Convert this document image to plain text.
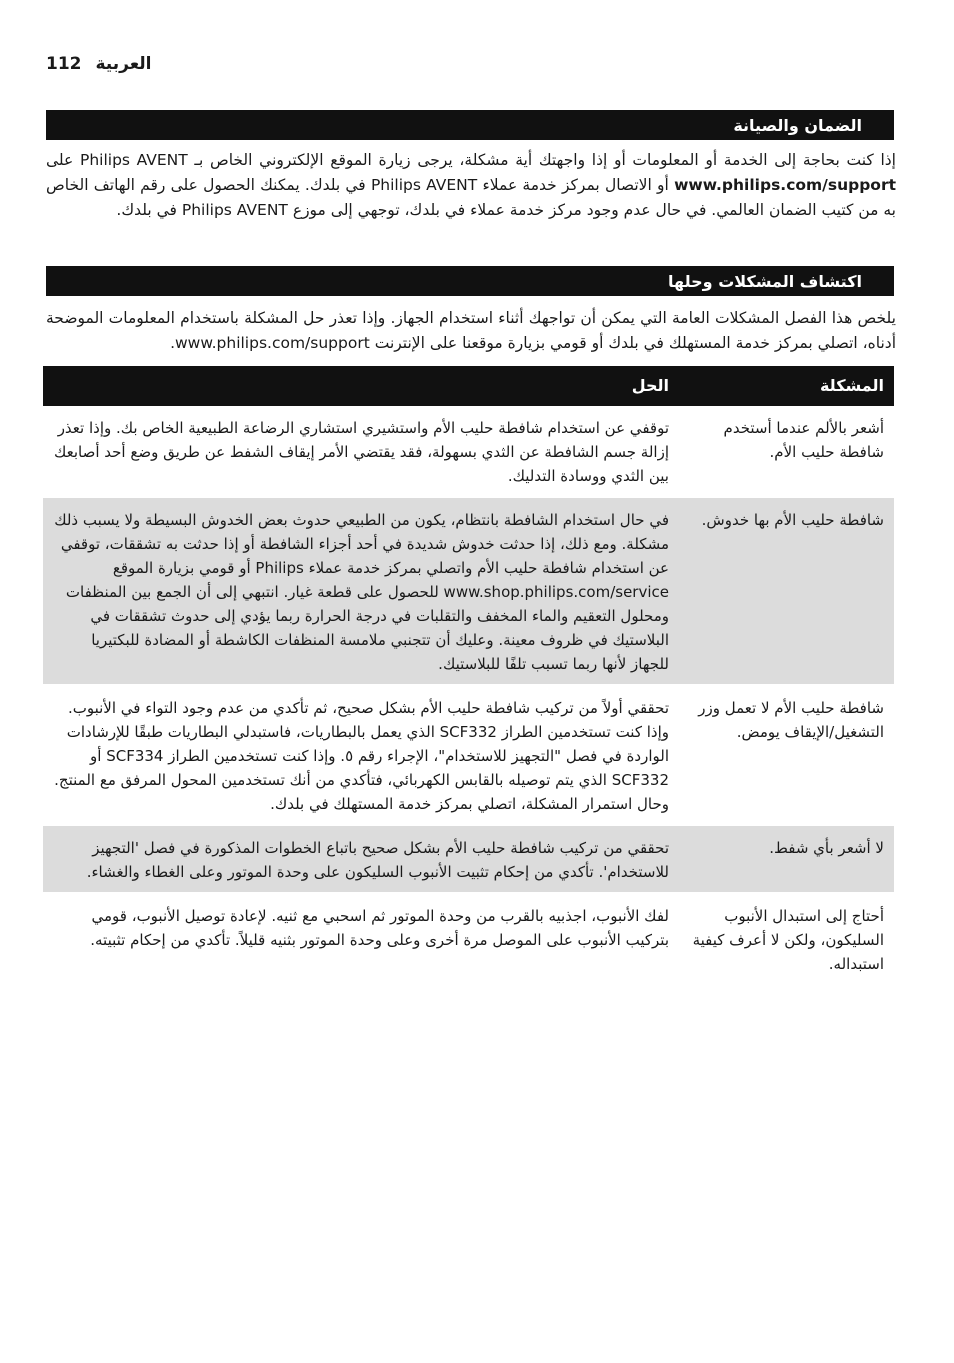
112 العربية
الضمان والصيانة

إذا كنت بحاجة إلى الخدمة أو المعلومات أو إذا واجهتك أية مشكلة، يرجى زيارة الموقع الإلكتروني الخاص بـ Philips AVENT على www.philips.com/support أو الاتصال بمركز خدمة عملاء Philips AVENT في بلدك. يمكنك الحصول على رقم الهاتف الخاص به من كتيب الضمان العالمي. في حال عدم وجود مركز خدمة عملاء في بلدك، توجهي إلى موزع Philips AVENT في بلدك.

اكتشاف المشكلات وحلها

يلخص هذا الفصل المشكلات العامة التي يمكن أن تواجهك أثناء استخدام الجهاز. وإذا تعذر حل المشكلة باستخدام المعلومات الموضحة أدناه، اتصلي بمركز خدمة المستهلك في بلدك أو قومي بزيارة موقعنا على الإنترنت www.philips.com/support.

المشكلة	الحل
أشعر بالألم عندما أستخدم شافطة حليب الأم.	توقفي عن استخدام شافطة حليب الأم واستشيري استشاري الرضاعة الطبيعية الخاص بك. وإذا تعذر إزالة جسم الشافطة عن الثدي بسهولة، فقد يقتضي الأمر إيقاف الشفط عن طريق وضع أحد أصابعك بين الثدي ووسادة التدليك.
شافطة حليب الأم بها خدوش.	في حال استخدام الشافطة بانتظام، يكون من الطبيعي حدوث بعض الخدوش البسيطة ولا يسبب ذلك مشكلة. ومع ذلك، إذا حدثت خدوش شديدة في أحد أجزاء الشافطة أو إذا حدثت به تشققات، توقفي عن استخدام شافطة حليب الأم واتصلي بمركز خدمة عملاء Philips أو قومي بزيارة الموقع www.shop.philips.com/service للحصول على قطعة غيار. انتبهي إلى أن الجمع بين المنظفات ومحلول التعقيم والماء المخفف والتقلبات في درجة الحرارة ربما يؤدي إلى حدوث تشققات في البلاستيك في ظروف معينة. وعليك أن تتجنبي ملامسة المنظفات الكاشطة أو المضادة للبكتيريا للجهاز لأنها ربما تسبب تلفًا للبلاستيك.
شافطة حليب الأم لا تعمل وزر التشغيل/الإيقاف يومض.	تحققي أولاً من تركيب شافطة حليب الأم بشكل صحيح، ثم تأكدي من عدم وجود التواء في الأنبوب. وإذا كنت تستخدمين الطراز SCF332 الذي يعمل بالبطاريات، فاستبدلي البطاريات طبقًا للإرشادات الواردة في فصل "التجهيز للاستخدام"، الإجراء رقم ٥. وإذا كنت تستخدمين الطراز SCF334 أو SCF332 الذي يتم توصيله بالقابس الكهربائي، فتأكدي من أنك تستخدمين المحول المرفق مع المنتج. وحال استمرار المشكلة، اتصلي بمركز خدمة المستهلك في بلدك.
لا أشعر بأي شفط.	تحققي من تركيب شافطة حليب الأم بشكل صحيح باتباع الخطوات المذكورة في فصل 'التجهيز للاستخدام'. تأكدي من إحكام تثبيت الأنبوب السليكون على وحدة الموتور وعلى الغطاء والغشاء.
أحتاج إلى استبدال الأنبوب السليكون، ولكن لا أعرف كيفية استبداله.	لفك الأنبوب، اجذبيه بالقرب من وحدة الموتور ثم اسحبي مع ثنيه. لإعادة توصيل الأنبوب، قومي بتركيب الأنبوب على الموصل مرة أخرى وعلى وحدة الموتور بثنيه قليلاً. تأكدي من إحكام تثبيته.
